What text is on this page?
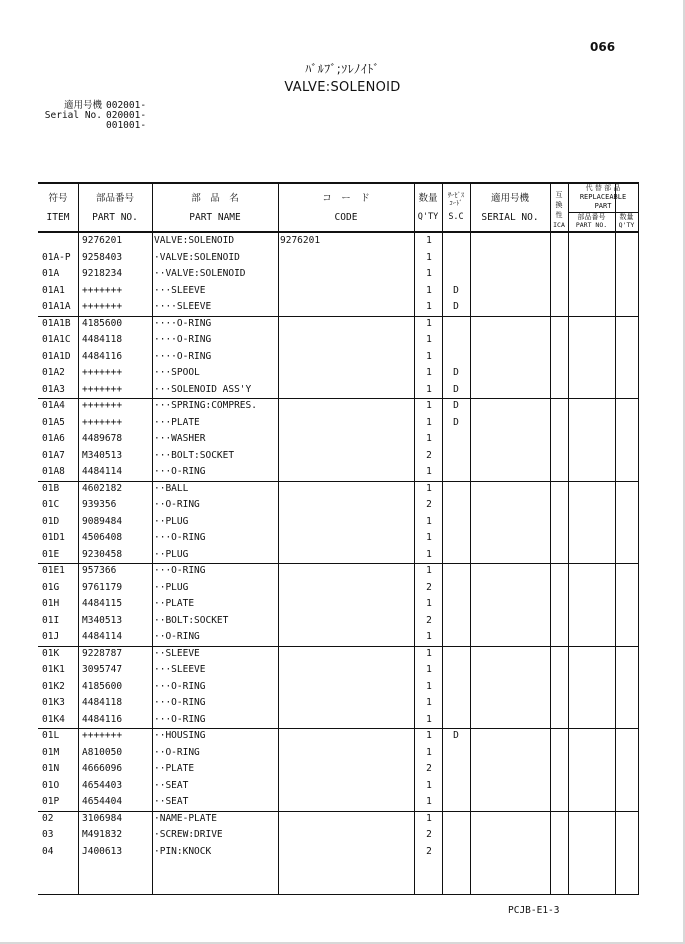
066
ﾊﾞﾙﾌﾞ;ｿﾚﾉｲﾄﾞ
VALVE:SOLENOID
適用号機 002001-
Serial No. 020001-
001001-
符号
ITEM
部品番号
PART NO.
部　品　名
PART NAME
コ　ー　ド
CODE
数量
Q'TY
ｻｰﾋﾞｽ
ｺｰﾄﾞ
S.C
適用号機
SERIAL NO.
互
換
性
ICA
代 替 部 品
REPLACEABLE
PART
部品番号	数量
PART NO.	Q'TY
9276201	VALVE:SOLENOID	9276201	1
01A-P 9258403	·VALVE:SOLENOID	1
01A 9218234	··VALVE:SOLENOID	1
01A1 +++++++	···SLEEVE	1	D
01A1A +++++++	····SLEEVE	1	D
01A1B 4185600	····O-RING	1
01A1C 4484118	····O-RING	1
01A1D 4484116	····O-RING	1
01A2 +++++++	···SPOOL	1	D
01A3 +++++++	···SOLENOID ASS'Y	1	D
01A4 +++++++	···SPRING:COMPRES.	1	D
01A5 +++++++	···PLATE	1	D
01A6 4489678	···WASHER	1
01A7 M340513	···BOLT:SOCKET	2
01A8 4484114	···O-RING	1
01B 4602182	··BALL	1
01C 939356	··O-RING	2
01D 9089484	··PLUG	1
01D1 4506408	···O-RING	1
01E 9230458	··PLUG	1
01E1 957366	···O-RING	1
01G 9761179	··PLUG	2
01H 4484115	··PLATE	1
01I M340513	··BOLT:SOCKET	2
01J 4484114	··O-RING	1
01K 9228787	··SLEEVE	1
01K1 3095747	···SLEEVE	1
01K2 4185600	···O-RING	1
01K3 4484118	···O-RING	1
01K4 4484116	···O-RING	1
01L +++++++	··HOUSING	1	D
01M A810050	··O-RING	1
01N 4666096	··PLATE	2
01O 4654403	··SEAT	1
01P 4654404	··SEAT	1
02	3106984	·NAME-PLATE	1
03	M491832	·SCREW:DRIVE	2
04	J400613	·PIN:KNOCK	2
PCJB-E1-3
